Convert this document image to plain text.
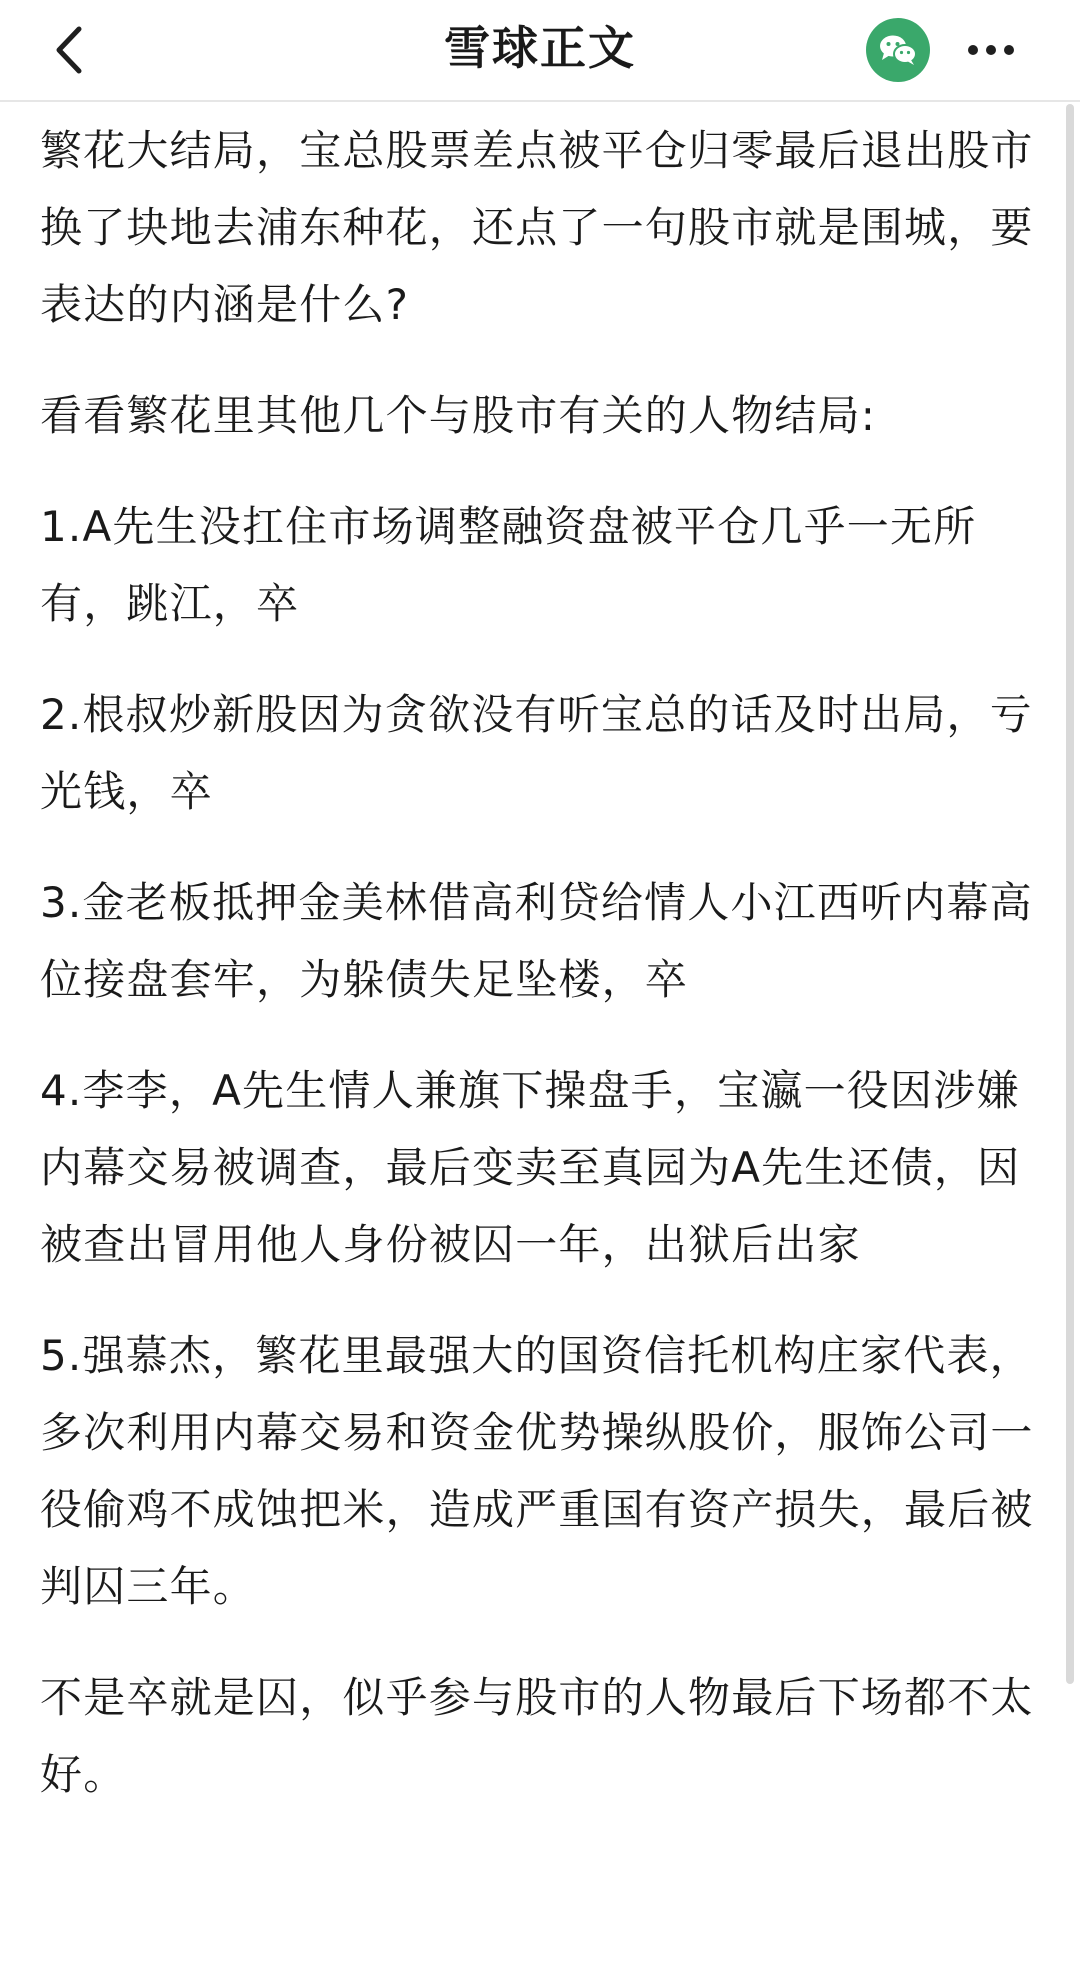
雪球正文

繁花大结局，宝总股票差点被平仓归零最后退出股市换了块地去浦东种花，还点了一句股市就是围城，要表达的内涵是什么?

看看繁花里其他几个与股市有关的人物结局:

1.A先生没扛住市场调整融资盘被平仓几乎一无所有，跳江，卒

2.根叔炒新股因为贪欲没有听宝总的话及时出局，亏光钱，卒

3.金老板抵押金美林借高利贷给情人小江西听内幕高位接盘套牢，为躲债失足坠楼，卒

4.李李，A先生情人兼旗下操盘手，宝瀛一役因涉嫌内幕交易被调查，最后变卖至真园为A先生还债，因被查出冒用他人身份被囚一年，出狱后出家

5.强慕杰，繁花里最强大的国资信托机构庄家代表，多次利用内幕交易和资金优势操纵股价，服饰公司一役偷鸡不成蚀把米，造成严重国有资产损失，最后被判囚三年。

不是卒就是囚，似乎参与股市的人物最后下场都不太好。
